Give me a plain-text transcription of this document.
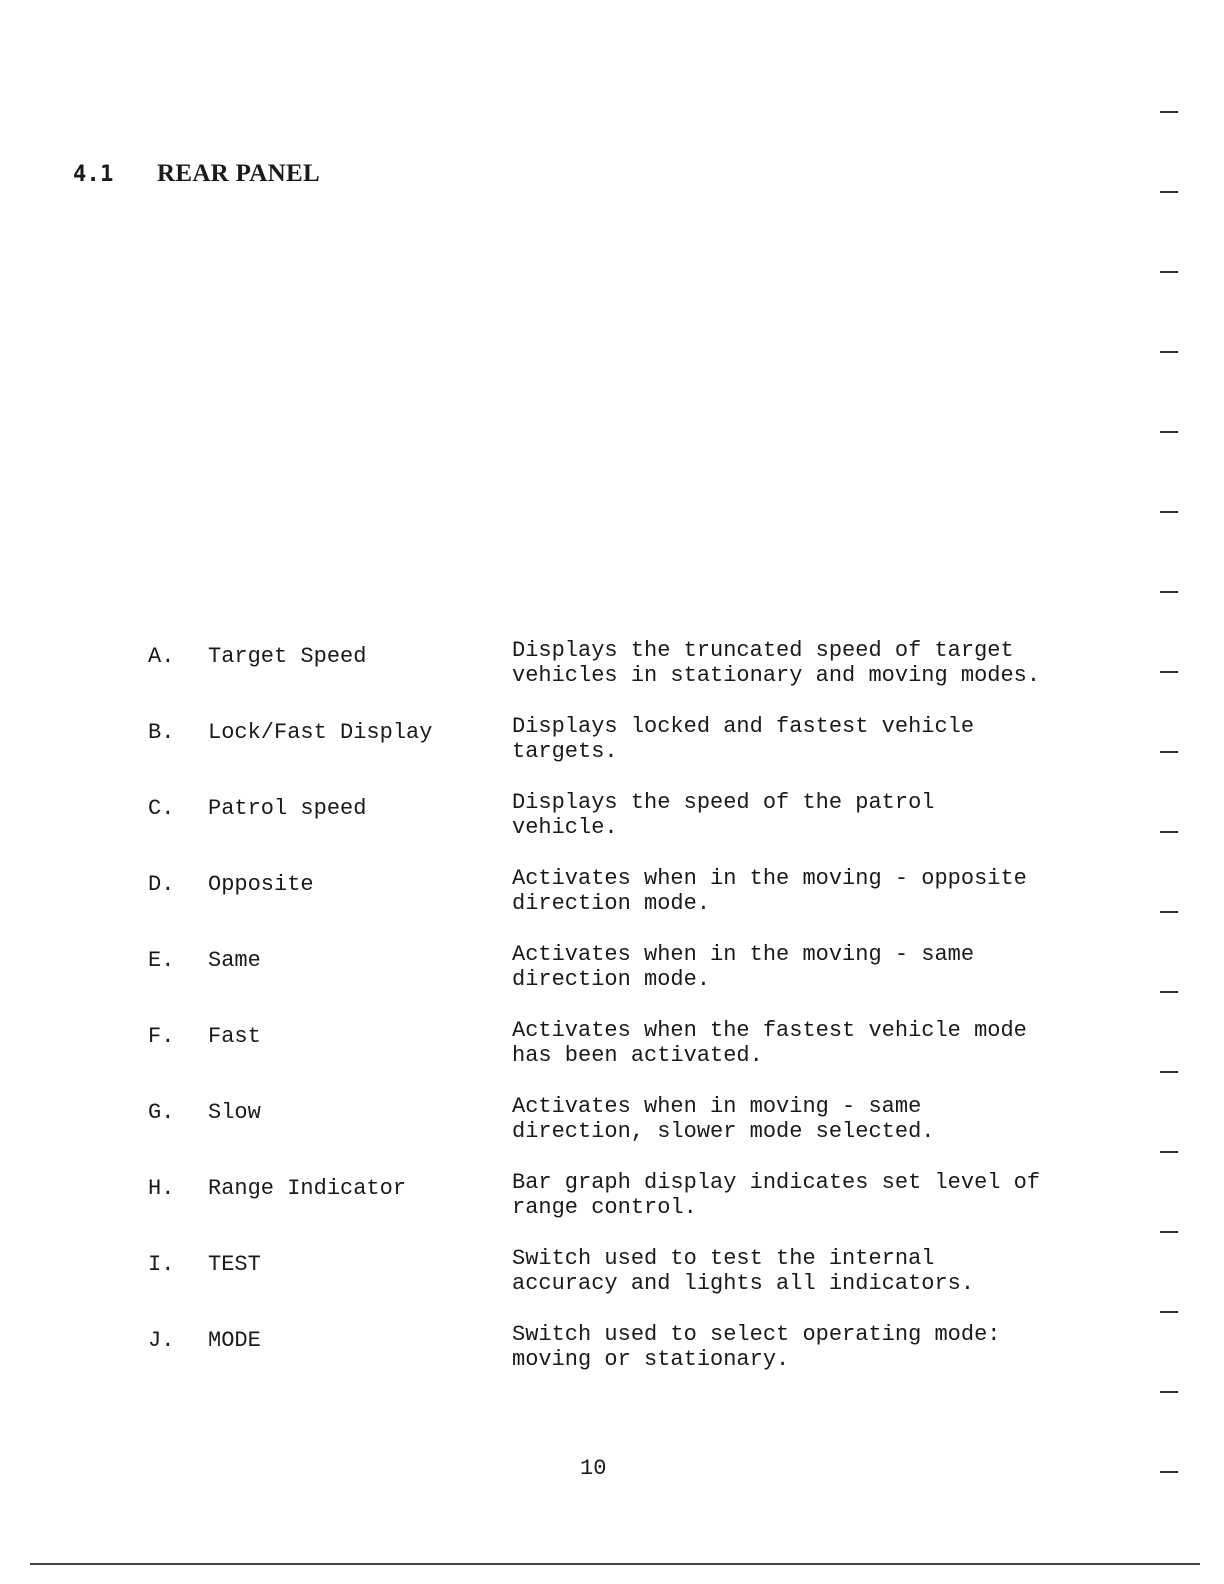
4.1 REAR PANEL
A. Target Speed	Displays the truncated speed of target
vehicles in stationary and moving modes.
B. Lock/Fast Display	Displays locked and fastest vehicle
targets.
C. Patrol speed	Displays the speed of the patrol
vehicle.
D. Opposite	Activates when in the moving - opposite
direction mode.
E. Same	Activates when in the moving - same
direction mode.
F. Fast	Activates when the fastest vehicle mode
has been activated.
G. Slow	Activates when in moving - same
direction, slower mode selected.
H. Range Indicator	Bar graph display indicates set level of
range control.
I. TEST	Switch used to test the internal
accuracy and lights all indicators.
J. MODE	Switch used to select operating mode:
moving or stationary.
10
